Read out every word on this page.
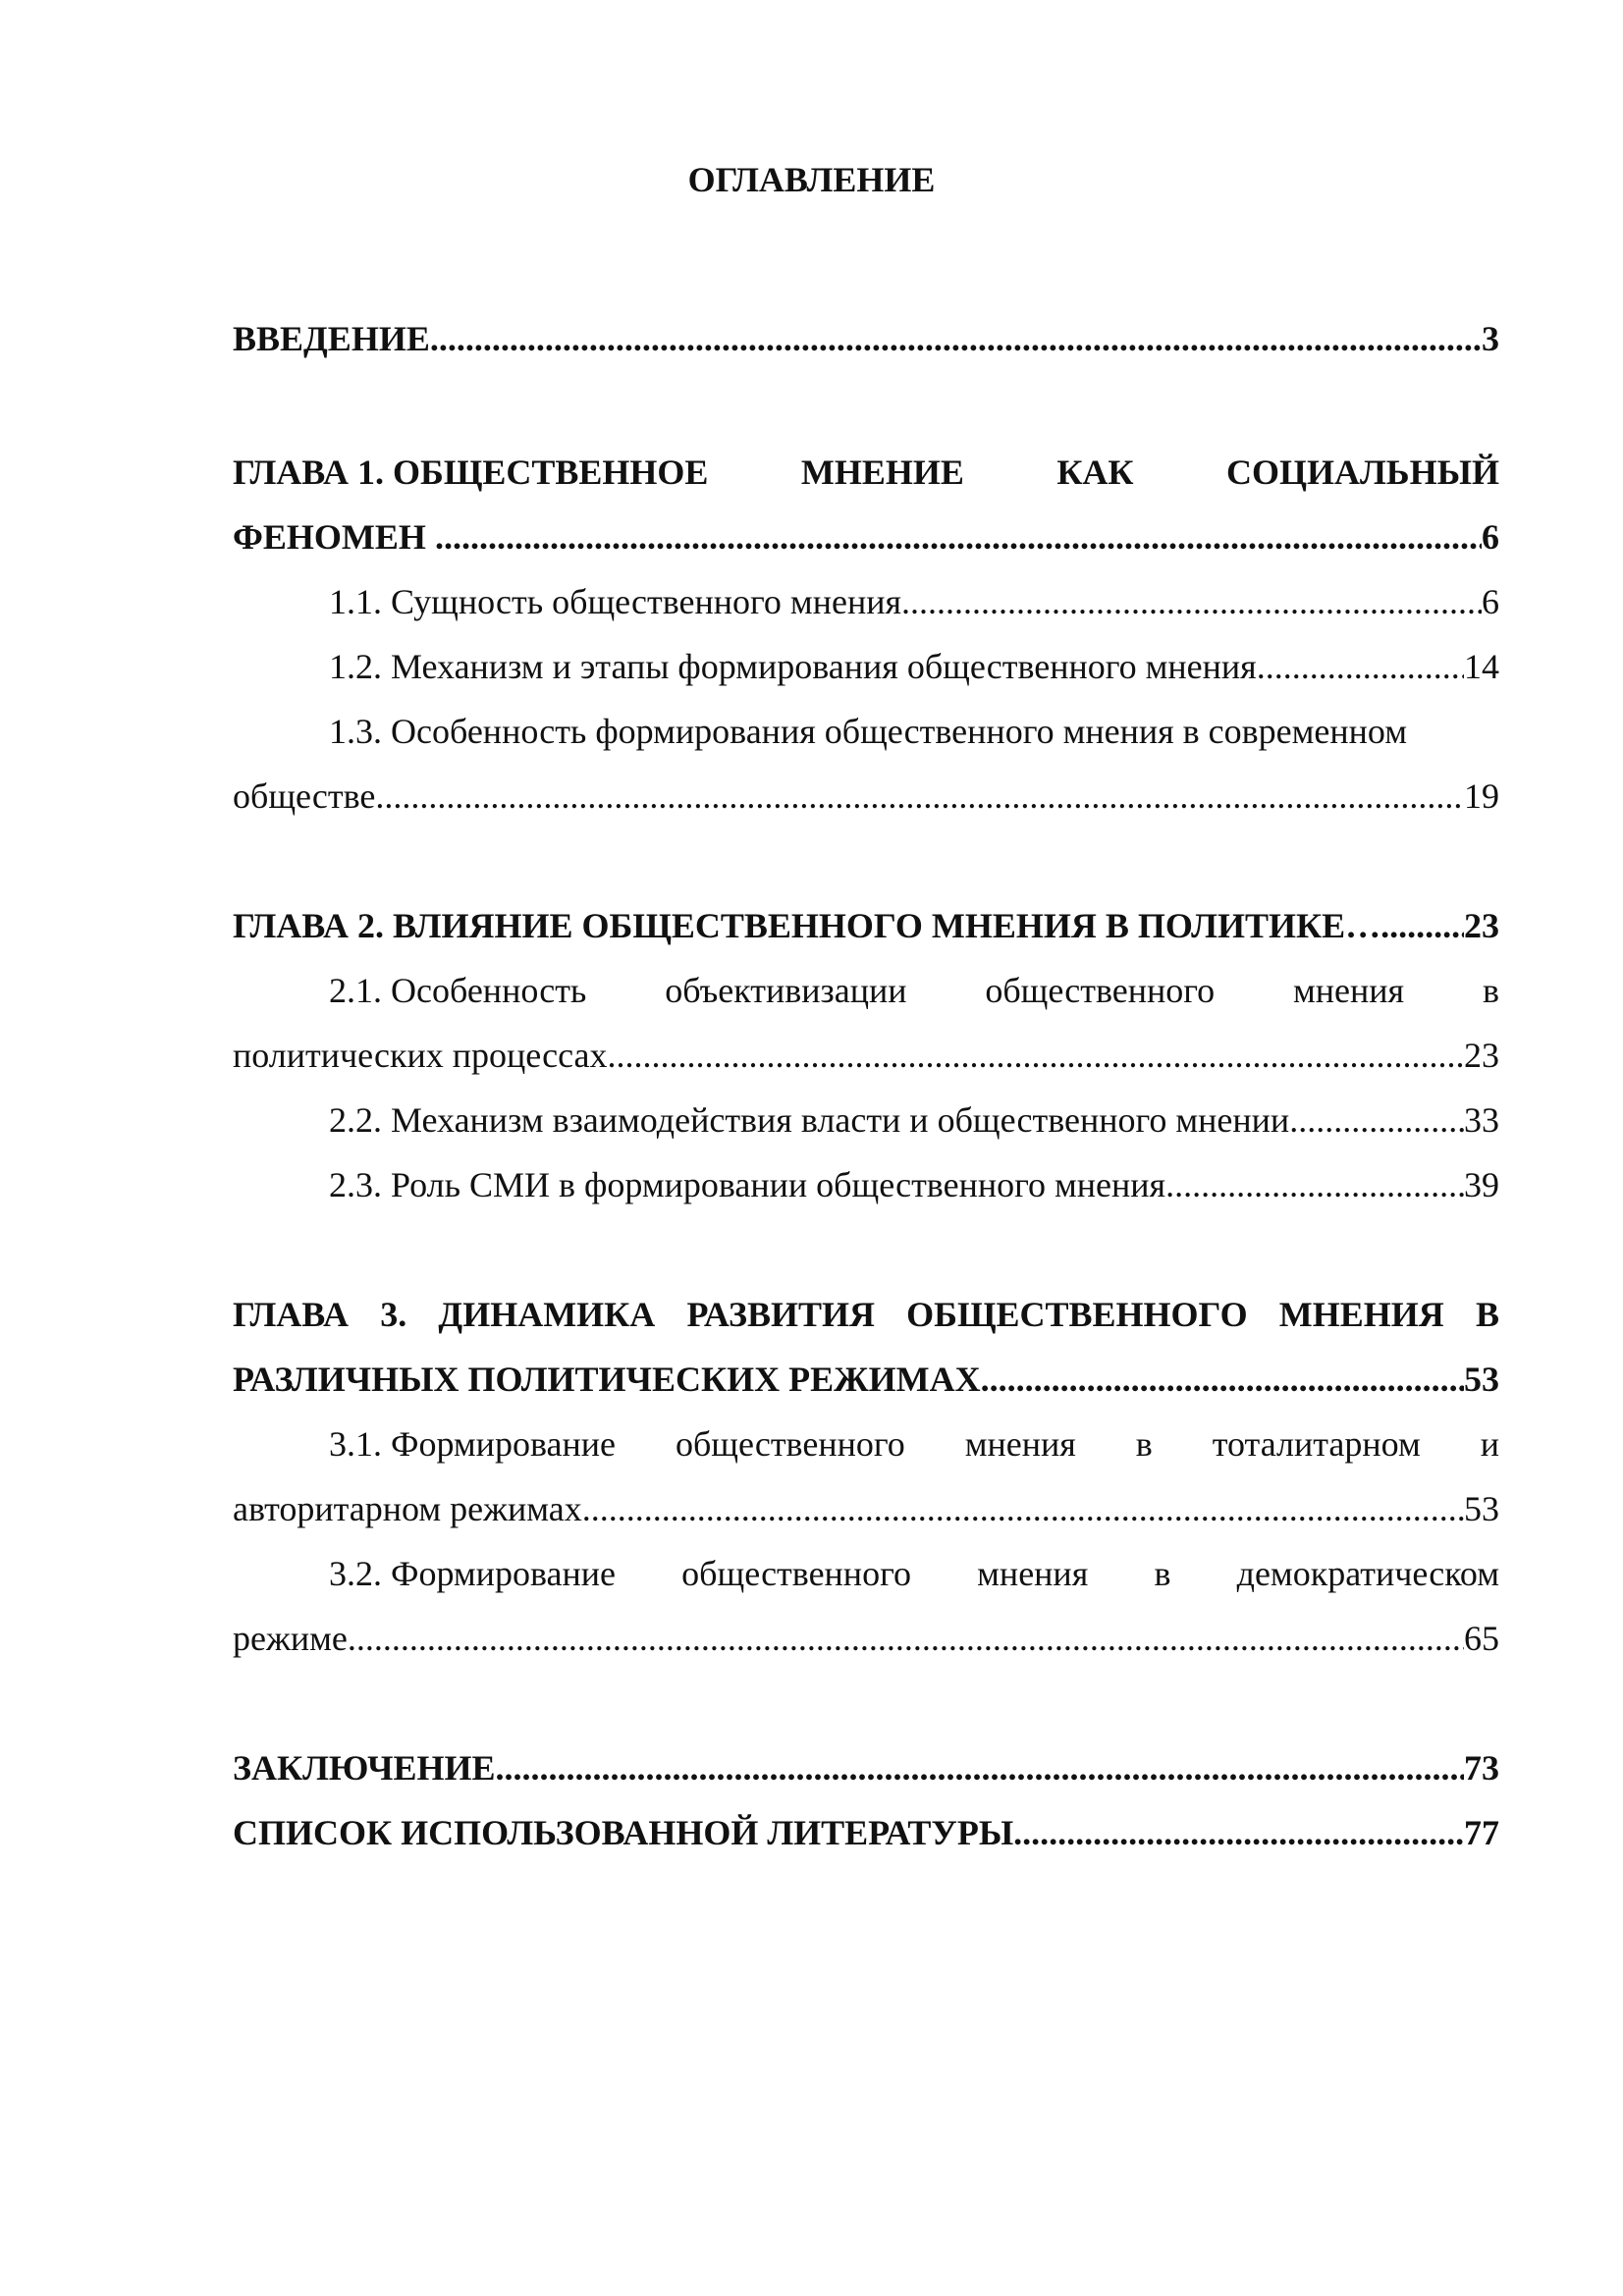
ОГЛАВЛЕНИЕ
ВВЕДЕНИЕ .....	3
ГЛАВА 1. ОБЩЕСТВЕННОЕ	МНЕНИЕ	КАК	СОЦИАЛЬНЫЙ
ФЕНОМЕН .....	6
1.1. Сущность общественного мнения .....	6
1.2. Механизм и этапы формирования общественного мнения .....	14
1.3. Особенность формирования общественного мнения в современном
обществе .....	19
ГЛАВА 2. ВЛИЯНИЕ ОБЩЕСТВЕННОГО МНЕНИЯ В ПОЛИТИКЕ… ..... 23
2.1. Особенность объективизации общественного мнения в
политических процессах .....	23
2.2. Механизм взаимодействия власти и общественного мнении .....	33
2.3. Роль СМИ в формировании общественного мнения .....	39
ГЛАВА 3. ДИНАМИКА РАЗВИТИЯ ОБЩЕСТВЕННОГО МНЕНИЯ В
РАЗЛИЧНЫХ ПОЛИТИЧЕСКИХ РЕЖИМАХ .....	53
3.1. Формирование общественного мнения в тоталитарном и
авторитарном режимах .....	53
3.2. Формирование общественного мнения в демократическом
режиме .....	65
ЗАКЛЮЧЕНИЕ .....	73
СПИСОК ИСПОЛЬЗОВАННОЙ ЛИТЕРАТУРЫ .....	77
